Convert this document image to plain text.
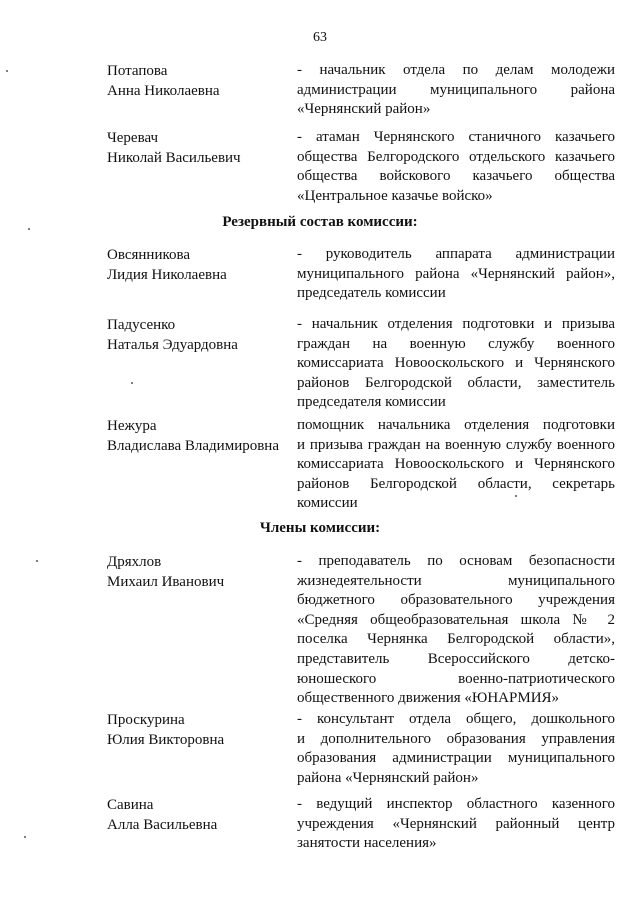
63
Потапова
Анна Николаевна
- начальник отдела по делам молодежи
администрации муниципального района
«Чернянский район»
Черевач
Николай Васильевич
- атаман Чернянского станичного казачьего
общества Белгородского отдельского казачьего
общества войскового казачьего общества
«Центральное казачье войско»
Резервный состав комиссии:
Овсянникова
Лидия Николаевна
- руководитель аппарата администрации
муниципального района «Чернянский район»,
председатель комиссии
Падусенко
Наталья Эдуардовна
- начальник отделения подготовки и призыва
граждан на военную службу военного
комиссариата Новооскольского и Чернянского
районов Белгородской области, заместитель
председателя комиссии
Нежура
Владислава Владимировна
помощник начальника отделения подготовки
и призыва граждан на военную службу военного
комиссариата Новооскольского и Чернянского
районов Белгородской области, секретарь
комиссии
Члены комиссии:
Дряхлов
Михаил Иванович
- преподаватель по основам безопасности
жизнедеятельности муниципального
бюджетного образовательного учреждения
«Средняя общеобразовательная школа № 2
поселка Чернянка Белгородской области»,
представитель Всероссийского детско-
юношеского военно-патриотического
общественного движения «ЮНАРМИЯ»
Проскурина
Юлия Викторовна
- консультант отдела общего, дошкольного
и дополнительного образования управления
образования администрации муниципального
района «Чернянский район»
Савина
Алла Васильевна
- ведущий инспектор областного казенного
учреждения «Чернянский районный центр
занятости населения»
